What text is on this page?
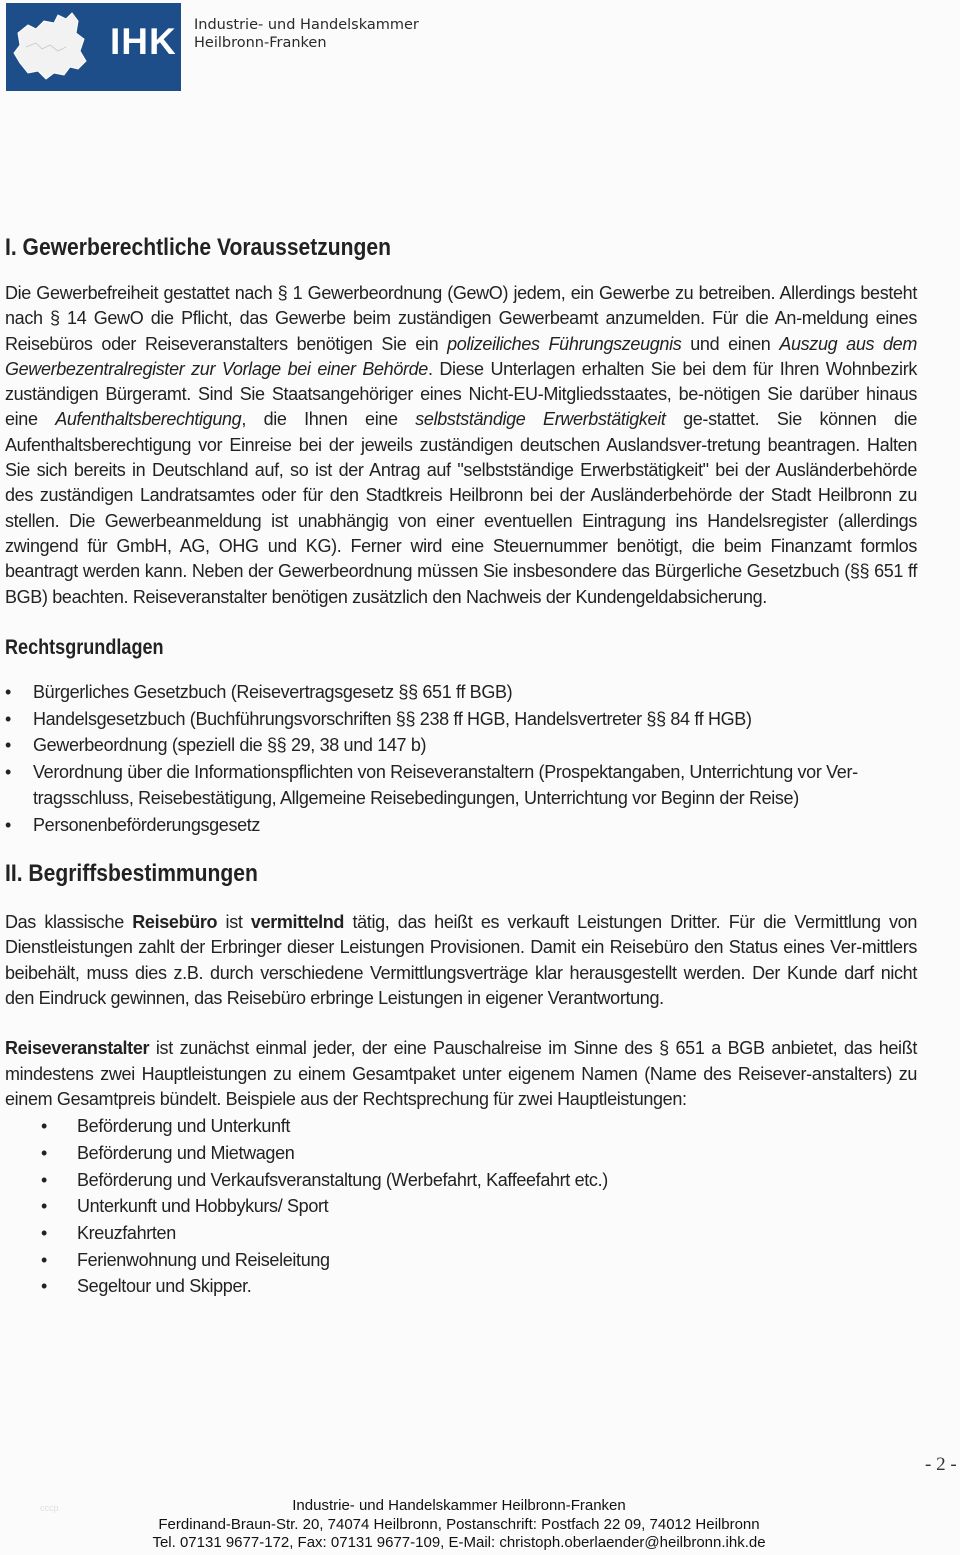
IHK Industrie- und Handelskammer
Heilbronn-Franken
I. Gewerberechtliche Voraussetzungen

Die Gewerbefreiheit gestattet nach § 1 Gewerbeordnung (GewO) jedem, ein Gewerbe zu betreiben. Allerdings besteht nach § 14 GewO die Pflicht, das Gewerbe beim zuständigen Gewerbeamt anzumelden. Für die An-meldung eines Reisebüros oder Reiseveranstalters benötigen Sie ein polizeiliches Führungszeugnis und einen Auszug aus dem Gewerbezentralregister zur Vorlage bei einer Behörde. Diese Unterlagen erhalten Sie bei dem für Ihren Wohnbezirk zuständigen Bürgeramt. Sind Sie Staatsangehöriger eines Nicht-EU-Mitgliedsstaates, be-nötigen Sie darüber hinaus eine Aufenthaltsberechtigung, die Ihnen eine selbstständige Erwerbstätigkeit ge-stattet. Sie können die Aufenthaltsberechtigung vor Einreise bei der jeweils zuständigen deutschen Auslandsver-tretung beantragen. Halten Sie sich bereits in Deutschland auf, so ist der Antrag auf "selbstständige Erwerbstätigkeit" bei der Ausländerbehörde des zuständigen Landratsamtes oder für den Stadtkreis Heilbronn bei der Ausländerbehörde der Stadt Heilbronn zu stellen. Die Gewerbeanmeldung ist unabhängig von einer eventuellen Eintragung ins Handelsregister (allerdings zwingend für GmbH, AG, OHG und KG). Ferner wird eine Steuernummer benötigt, die beim Finanzamt formlos beantragt werden kann. Neben der Gewerbeordnung müssen Sie insbesondere das Bürgerliche Gesetzbuch (§§ 651 ff BGB) beachten. Reiseveranstalter benötigen zusätzlich den Nachweis der Kundengeldabsicherung.

Rechtsgrundlagen
• Bürgerliches Gesetzbuch (Reisevertragsgesetz §§ 651 ff BGB)
• Handelsgesetzbuch (Buchführungsvorschriften §§ 238 ff HGB, Handelsvertreter §§ 84 ff HGB)
• Gewerbeordnung (speziell die §§ 29, 38 und 147 b)
• Verordnung über die Informationspflichten von Reiseveranstaltern (Prospektangaben, Unterrichtung vor Ver-tragsschluss, Reisebestätigung, Allgemeine Reisebedingungen, Unterrichtung vor Beginn der Reise)
• Personenbeförderungsgesetz
II. Begriffsbestimmungen

Das klassische Reisebüro ist vermittelnd tätig, das heißt es verkauft Leistungen Dritter. Für die Vermittlung von Dienstleistungen zahlt der Erbringer dieser Leistungen Provisionen. Damit ein Reisebüro den Status eines Ver-mittlers beibehält, muss dies z.B. durch verschiedene Vermittlungsverträge klar herausgestellt werden. Der Kunde darf nicht den Eindruck gewinnen, das Reisebüro erbringe Leistungen in eigener Verantwortung.

Reiseveranstalter ist zunächst einmal jeder, der eine Pauschalreise im Sinne des § 651 a BGB anbietet, das heißt mindestens zwei Hauptleistungen zu einem Gesamtpaket unter eigenem Namen (Name des Reisever-anstalters) zu einem Gesamtpreis bündelt. Beispiele aus der Rechtsprechung für zwei Hauptleistungen:

• Beförderung und Unterkunft
• Beförderung und Mietwagen
• Beförderung und Verkaufsveranstaltung (Werbefahrt, Kaffeefahrt etc.)
• Unterkunft und Hobbykurs/ Sport
• Kreuzfahrten
• Ferienwohnung und Reiseleitung
• Segeltour und Skipper.
- 2 -
cccp	Industrie- und Handelskammer Heilbronn-Franken
Ferdinand-Braun-Str. 20, 74074 Heilbronn, Postanschrift: Postfach 22 09, 74012 Heilbronn
Tel. 07131 9677-172, Fax: 07131 9677-109, E-Mail: christoph.oberlaender@heilbronn.ihk.de
